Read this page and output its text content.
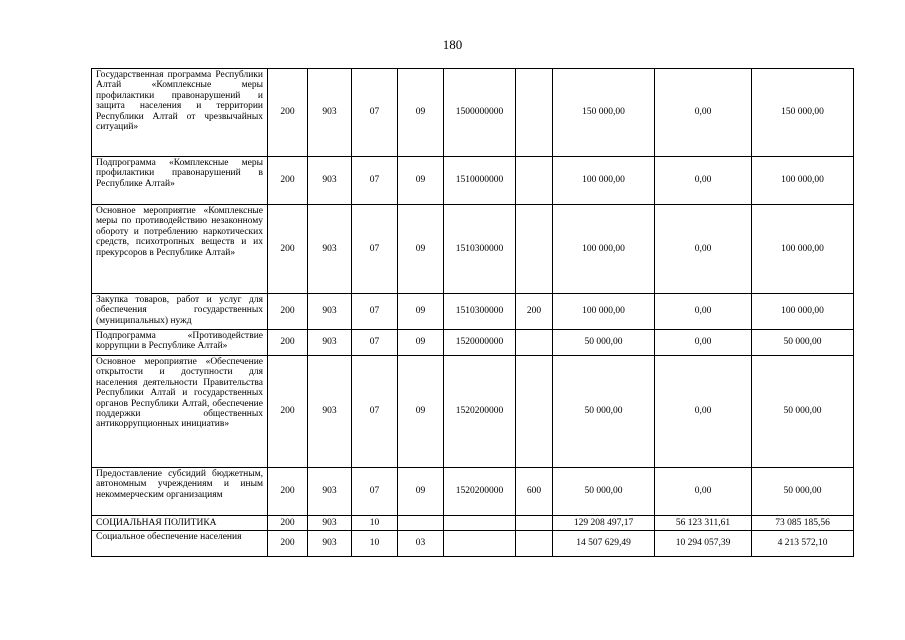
180
Государственная программа Республики Алтай «Комплексные меры профилактики правонарушений и защита населения и территории Республики Алтай от чрезвычайных ситуаций»	200	903	07	09	1500000000		150 000,00	0,00	150 000,00
Подпрограмма «Комплексные меры профилактики правонарушений в Республике Алтай»	200	903	07	09	1510000000		100 000,00	0,00	100 000,00
Основное мероприятие «Комплексные меры по противодействию незаконному обороту и потреблению наркотических средств, психотропных веществ и их прекурсоров в Республике Алтай»	200	903	07	09	1510300000		100 000,00	0,00	100 000,00
Закупка товаров, работ и услуг для обеспечения государственных (муниципальных) нужд	200	903	07	09	1510300000	200	100 000,00	0,00	100 000,00
Подпрограмма «Противодействие коррупции в Республике Алтай»	200	903	07	09	1520000000		50 000,00	0,00	50 000,00
Основное мероприятие «Обеспечение открытости и доступности для населения деятельности Правительства Республики Алтай и государственных органов Республики Алтай, обеспечение поддержки общественных антикоррупционных инициатив»	200	903	07	09	1520200000		50 000,00	0,00	50 000,00
Предоставление субсидий бюджетным, автономным учреждениям и иным некоммерческим организациям	200	903	07	09	1520200000	600	50 000,00	0,00	50 000,00
СОЦИАЛЬНАЯ ПОЛИТИКА	200	903	10				129 208 497,17	56 123 311,61	73 085 185,56
Социальное обеспечение населения	200	903	10	03			14 507 629,49	10 294 057,39	4 213 572,10
